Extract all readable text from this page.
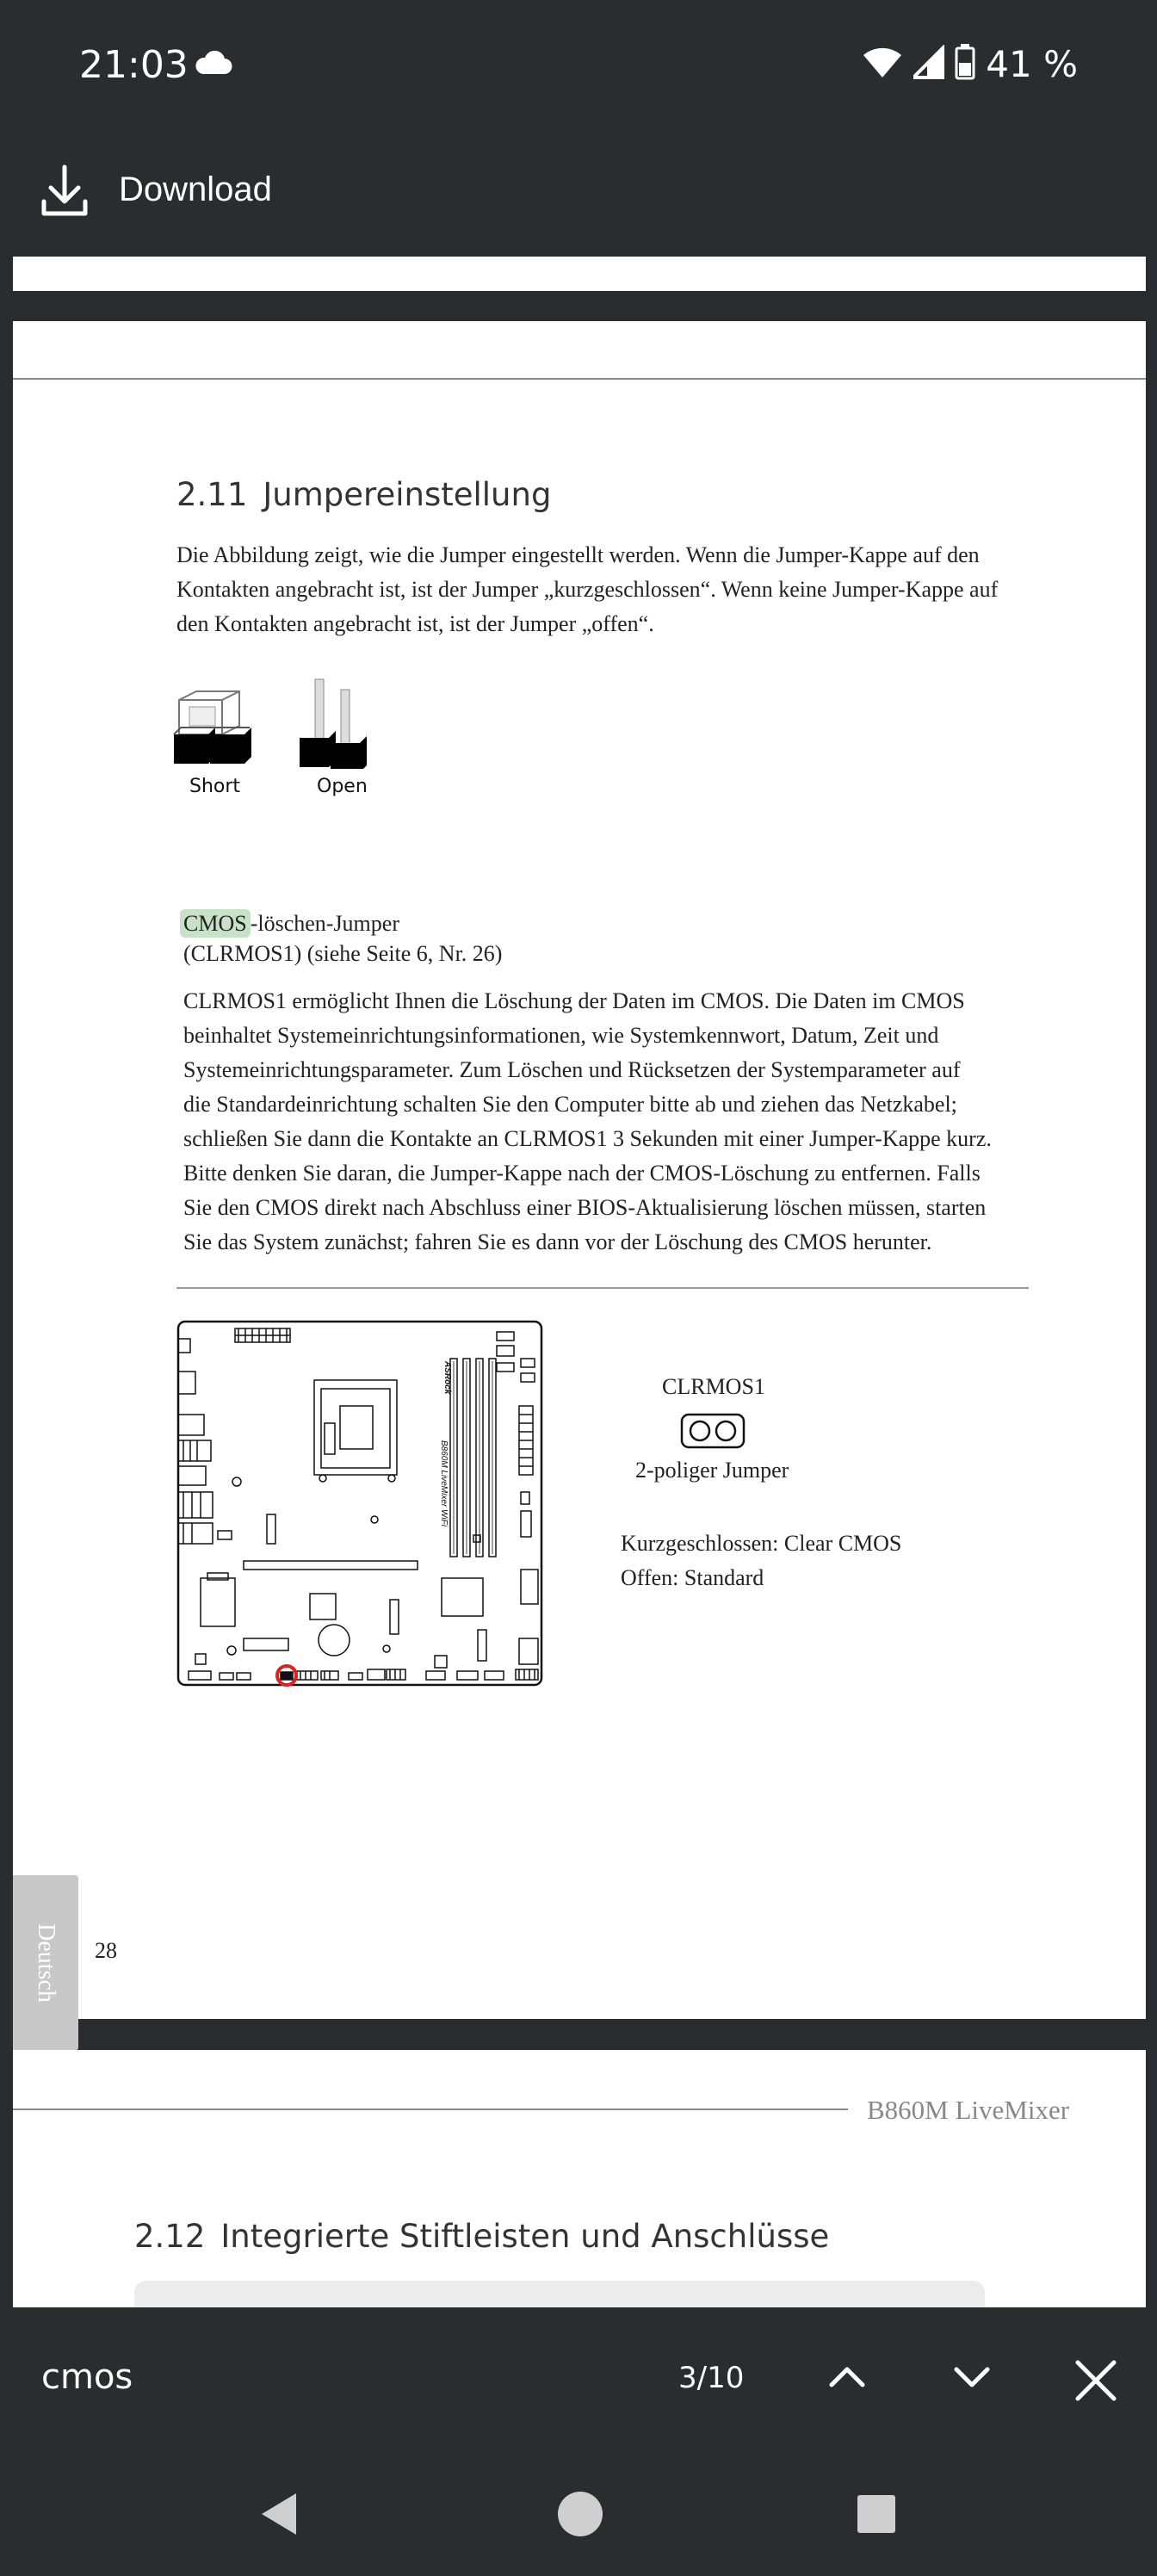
21:03	41 %
Download
2.11 Jumpereinstellung
Die Abbildung zeigt, wie die Jumper eingestellt werden. Wenn die Jumper-Kappe auf den
Kontakten angebracht ist, ist der Jumper „kurzgeschlossen“. Wenn keine Jumper-Kappe auf
den Kontakten angebracht ist, ist der Jumper „offen“.
Short	Open
CMOS -löschen-Jumper
(CLRMOS1) (siehe Seite 6, Nr. 26)
CLRMOS1 ermöglicht Ihnen die Löschung der Daten im CMOS. Die Daten im CMOS
beinhaltet Systemeinrichtungsinformationen, wie Systemkennwort, Datum, Zeit und
Systemeinrichtungsparameter. Zum Löschen und Rücksetzen der Systemparameter auf
die Standardeinrichtung schalten Sie den Computer bitte ab und ziehen das Netzkabel;
schließen Sie dann die Kontakte an CLRMOS1 3 Sekunden mit einer Jumper-Kappe kurz.
Bitte denken Sie daran, die Jumper-Kappe nach der CMOS-Löschung zu entfernen. Falls
Sie den CMOS direkt nach Abschluss einer BIOS-Aktualisierung löschen müssen, starten
Sie das System zunächst; fahren Sie es dann vor der Löschung des CMOS herunter.
B860M LiveMixer WiFi
ASRock	CLRMOS1
2-poliger Jumper
Kurzgeschlossen: Clear CMOS
Offen: Standard
28
Deutsch
B860M LiveMixer
2.12 Integrierte Stiftleisten und Anschlüsse
cmos	3/10
